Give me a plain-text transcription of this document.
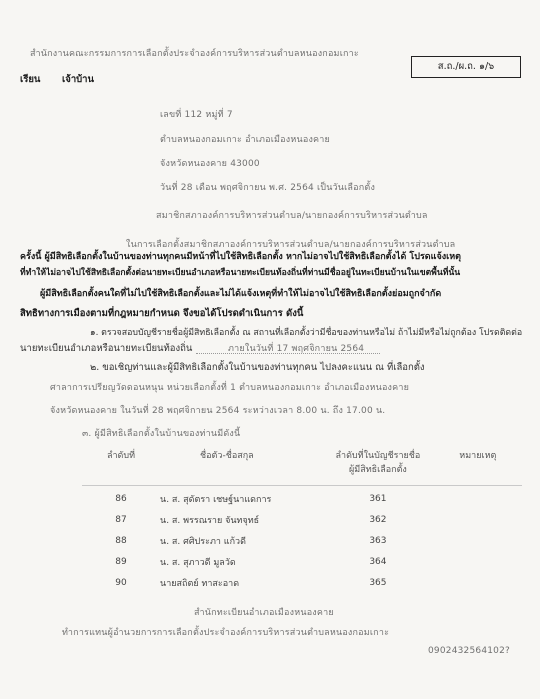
สำนักงานคณะกรรมการการเลือกตั้งประจำองค์การบริหารส่วนตำบลหนองกอมเกาะ
ส.ถ./ผ.ถ. ๑/๖
เรียน เจ้าบ้าน
เลขที่ 112 หมู่ที่ 7
ตำบลหนองกอมเกาะ อำเภอเมืองหนองคาย
จังหวัดหนองคาย 43000
วันที่ 28 เดือน พฤศจิกายน พ.ศ. 2564 เป็นวันเลือกตั้ง
สมาชิกสภาองค์การบริหารส่วนตำบล/นายกองค์การบริหารส่วนตำบล
ในการเลือกตั้งสมาชิกสภาองค์การบริหารส่วนตำบล/นายกองค์การบริหารส่วนตำบล
ครั้งนี้ ผู้มีสิทธิเลือกตั้งในบ้านของท่านทุกคนมีหน้าที่ไปใช้สิทธิเลือกตั้ง หากไม่อาจไปใช้สิทธิเลือกตั้งได้ โปรดแจ้งเหตุ
ที่ทำให้ไม่อาจไปใช้สิทธิเลือกตั้งต่อนายทะเบียนอำเภอหรือนายทะเบียนท้องถิ่นที่ท่านมีชื่ออยู่ในทะเบียนบ้านในเขตพื้นที่นั้น
ผู้มีสิทธิเลือกตั้งคนใดที่ไม่ไปใช้สิทธิเลือกตั้งและไม่ได้แจ้งเหตุที่ทำให้ไม่อาจไปใช้สิทธิเลือกตั้งย่อมถูกจำกัด
สิทธิทางการเมืองตามที่กฎหมายกำหนด จึงขอได้โปรดดำเนินการ ดังนี้
๑. ตรวจสอบบัญชีรายชื่อผู้มีสิทธิเลือกตั้ง ณ สถานที่เลือกตั้งว่ามีชื่อของท่านหรือไม่ ถ้าไม่มีหรือไม่ถูกต้อง โปรดติดต่อ
นายทะเบียนอำเภอหรือนายทะเบียนท้องถิ่น	ภายในวันที่ 17 พฤศจิกายน 2564
๒. ขอเชิญท่านและผู้มีสิทธิเลือกตั้งในบ้านของท่านทุกคน ไปลงคะแนน ณ ที่เลือกตั้ง
ศาลาการเปรียญวัดดอนหนุน หน่วยเลือกตั้งที่ 1 ตำบลหนองกอมเกาะ อำเภอเมืองหนองคาย
จังหวัดหนองคาย ในวันที่ 28 พฤศจิกายน 2564 ระหว่างเวลา 8.00 น. ถึง 17.00 น.
๓. ผู้มีสิทธิเลือกตั้งในบ้านของท่านมีดังนี้
ลำดับที่	ชื่อตัว-ชื่อสกุล	ลำดับที่ในบัญชีรายชื่อ
ผู้มีสิทธิเลือกตั้ง	หมายเหตุ
86	น. ส. สุดัตรา เชษฐ์นาแดการ	361	
87	น. ส. พรรณราย จันทจุทธ์	362	
88	น. ส. ศศิประภา แก้วดี	363	
89	น. ส. สุภาวดี มูลวัด	364	
90	นายสถิตย์ ทาสะอาด	365	
สำนักทะเบียนอำเภอเมืองหนองคาย
ทำการแทนผู้อำนวยการการเลือกตั้งประจำองค์การบริหารส่วนตำบลหนองกอมเกาะ
0902432564102?
